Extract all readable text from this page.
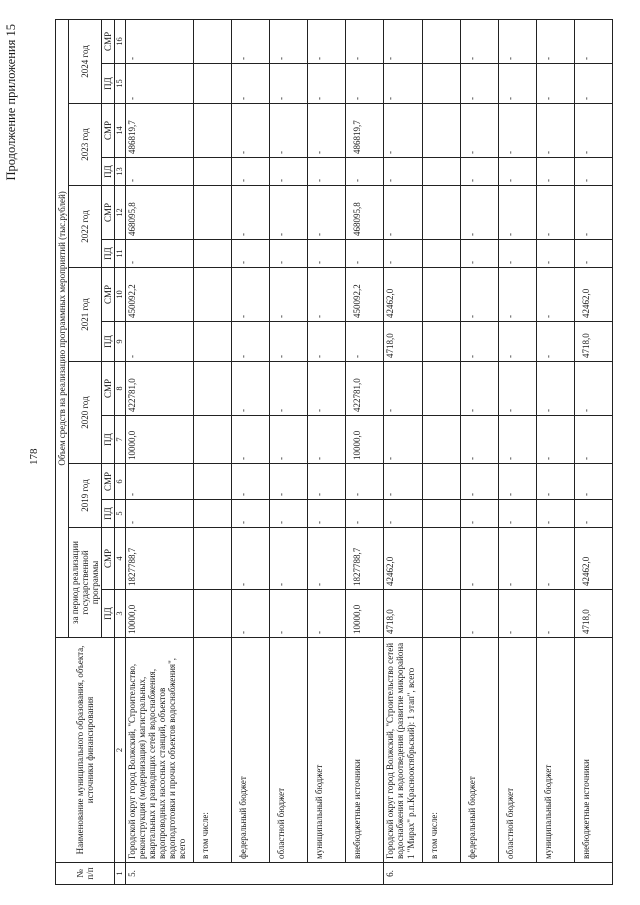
178
Продолжение приложения 15
№ п/п	Наименование муниципального образования, объекта, источники финансирования	Объем средств на реализацию программных мероприятий (тыс.рублей)													
		за период реализации государственной программы		2019 год		2020 год		2021 год		2022 год		2023 год		2024 год	
		ПД	СМР	ПД	СМР	ПД	СМР	ПД	СМР	ПД	СМР	ПД	СМР	ПД	СМР
1	2	3	4	5	6	7	8	9	10	11	12	13	14	15	16
5.	Городской округ город Волжский, "Строительство, реконструкция (модернизация) магистральных, квартальных и разводящих сетей водоснабжения, водопроводных насосных станций, объектов водоподготовки и прочих объектов водоснабжения", всего	10000,0	1827788,7	-	-	10000,0	422781,0	-	450092,2	-	468095,8	-	486819,7	-	-
	в том числе:														
	федеральный бюджет	-	-	-	-	-	-	-	-	-	-	-	-	-	-
	областной бюджет	-	-	-	-	-	-	-	-	-	-	-	-	-	-
	муниципальный бюджет	-	-	-	-	-	-	-	-	-	-	-	-	-	-
	внебюджетные источники	10000,0	1827788,7	-	-	10000,0	422781,0	-	450092,2	-	468095,8	-	486819,7	-	-
6.	Городской округ город Волжский, "Строительство сетей водоснабжения и водоотведения (развитие микрорайона 1 "Мирах" р.п.Краснооктябрьский): 1 этап", всего	4718,0	42462,0	-	-	-	-	4718,0	42462,0	-	-	-	-	-	-
	в том числе:														
	федеральный бюджет	-	-	-	-	-	-	-	-	-	-	-	-	-	-
	областной бюджет	-	-	-	-	-	-	-	-	-	-	-	-	-	-
	муниципальный бюджет	-	-	-	-	-	-	-	-	-	-	-	-	-	-
	внебюджетные источники	4718,0	42462,0	-	-	-	-	4718,0	42462,0	-	-	-	-	-	-
